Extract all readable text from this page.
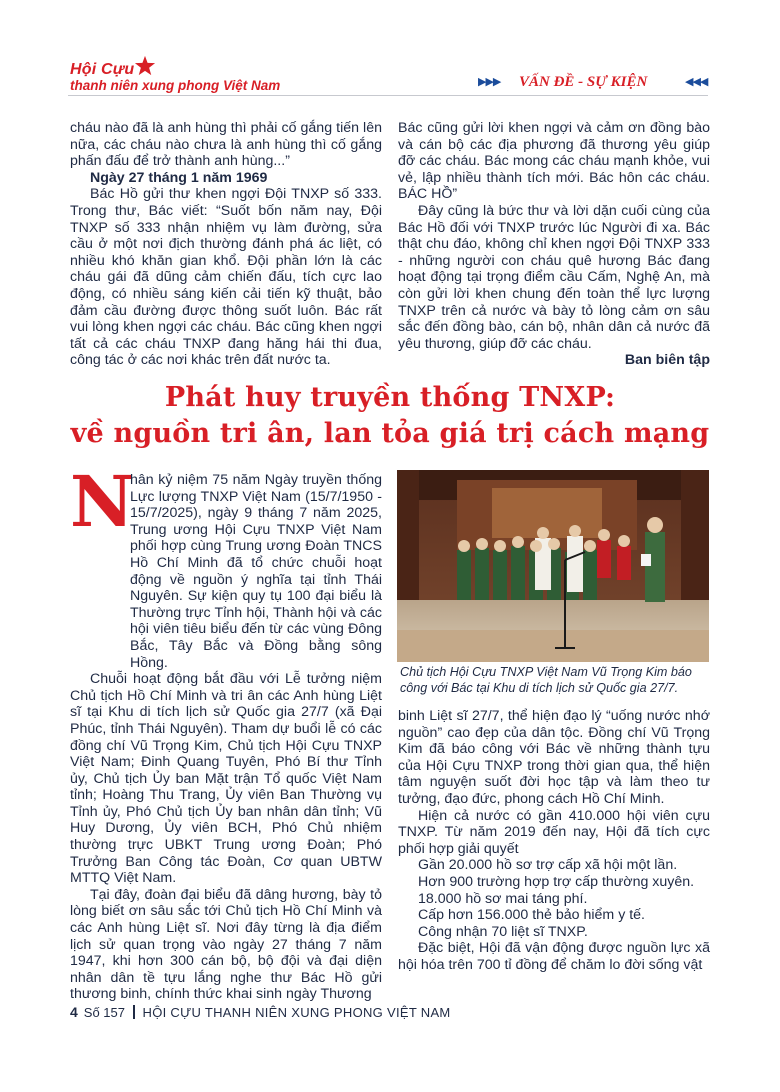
Hội Cựu
thanh niên xung phong Việt Nam	▶▶▶ VẤN ĐỀ - SỰ KIỆN	◀◀◀

cháu nào đã là anh hùng thì phải cố gắng tiến lên nữa, các cháu nào chưa là anh hùng thì cố gắng phấn đấu để trở thành anh hùng...”

Ngày 27 tháng 1 năm 1969

Bác Hồ gửi thư khen ngợi Đội TNXP số 333. Trong thư, Bác viết: “Suốt bốn năm nay, Đội TNXP số 333 nhận nhiệm vụ làm đường, sửa cầu ở một nơi địch thường đánh phá ác liệt, có nhiều khó khăn gian khổ. Đội phần lớn là các cháu gái đã dũng cảm chiến đấu, tích cực lao động, có nhiều sáng kiến cải tiến kỹ thuật, bảo đảm cầu đường được thông suốt luôn. Bác rất vui lòng khen ngợi các cháu. Bác cũng khen ngợi tất cả các cháu TNXP đang hăng hái thi đua, công tác ở các nơi khác trên đất nước ta.

Bác cũng gửi lời khen ngợi và cảm ơn đồng bào và cán bộ các địa phương đã thương yêu giúp đỡ các cháu. Bác mong các cháu mạnh khỏe, vui vẻ, lập nhiều thành tích mới. Bác hôn các cháu. BÁC HỒ”

Đây cũng là bức thư và lời dặn cuối cùng của Bác Hồ đối với TNXP trước lúc Người đi xa. Bác thật chu đáo, không chỉ khen ngợi Đội TNXP 333 - những người con cháu quê hương Bác đang hoạt động tại trọng điểm cầu Cấm, Nghệ An, mà còn gửi lời khen chung đến toàn thể lực lượng TNXP trên cả nước và bày tỏ lòng cảm ơn sâu sắc đến đồng bào, cán bộ, nhân dân cả nước đã yêu thương, giúp đỡ các cháu.

Ban biên tập

Phát huy truyền thống TNXP:
về nguồn tri ân, lan tỏa giá trị cách mạng
N

hân kỷ niệm 75 năm Ngày truyền thống Lực lượng TNXP Việt Nam (15/7/1950 - 15/7/2025), ngày 9 tháng 7 năm 2025, Trung ương Hội Cựu TNXP Việt Nam phối hợp cùng Trung ương Đoàn TNCS Hồ Chí Minh đã tổ chức chuỗi hoạt động về nguồn ý nghĩa tại tỉnh Thái Nguyên. Sự kiện quy tụ 100 đại biểu là Thường trực Tỉnh hội, Thành hội và các hội viên tiêu biểu đến từ các vùng Đông Bắc, Tây Bắc và Đồng bằng sông Hồng.

Chuỗi hoạt động bắt đầu với Lễ tưởng niệm Chủ tịch Hồ Chí Minh và tri ân các Anh hùng Liệt sĩ tại Khu di tích lịch sử Quốc gia 27/7 (xã Đại Phúc, tỉnh Thái Nguyên). Tham dự buổi lễ có các đồng chí Vũ Trọng Kim, Chủ tịch Hội Cựu TNXP Việt Nam; Đinh Quang Tuyên, Phó Bí thư Tỉnh ủy, Chủ tịch Ủy ban Mặt trận Tổ quốc Việt Nam tỉnh; Hoàng Thu Trang, Ủy viên Ban Thường vụ Tỉnh ủy, Phó Chủ tịch Ủy ban nhân dân tỉnh; Vũ Huy Dương, Ủy viên BCH, Phó Chủ nhiệm thường trực UBKT Trung ương Đoàn; Phó Trưởng Ban Công tác Đoàn, Cơ quan UBTW MTTQ Việt Nam.

Tại đây, đoàn đại biểu đã dâng hương, bày tỏ lòng biết ơn sâu sắc tới Chủ tịch Hồ Chí Minh và các Anh hùng Liệt sĩ. Nơi đây từng là địa điểm lịch sử quan trọng vào ngày 27 tháng 7 năm 1947, khi hơn 300 cán bộ, bộ đội và đại diện nhân dân tề tựu lắng nghe thư Bác Hồ gửi thương binh, chính thức khai sinh ngày Thương

Chủ tịch Hội Cựu TNXP Việt Nam Vũ Trọng Kim báo công với Bác tại Khu di tích lịch sử Quốc gia 27/7.

binh Liệt sĩ 27/7, thể hiện đạo lý “uống nước nhớ nguồn” cao đẹp của dân tộc. Đồng chí Vũ Trọng Kim đã báo công với Bác về những thành tựu của Hội Cựu TNXP trong thời gian qua, thể hiện tâm nguyện suốt đời học tập và làm theo tư tưởng, đạo đức, phong cách Hồ Chí Minh.

Hiện cả nước có gần 410.000 hội viên cựu TNXP. Từ năm 2019 đến nay, Hội đã tích cực phối hợp giải quyết

Gần 20.000 hồ sơ trợ cấp xã hội một lần.

Hơn 900 trường hợp trợ cấp thường xuyên.

18.000 hồ sơ mai táng phí.

Cấp hơn 156.000 thẻ bảo hiểm y tế.

Công nhận 70 liệt sĩ TNXP.

Đặc biệt, Hội đã vận động được nguồn lực xã hội hóa trên 700 tỉ đồng để chăm lo đời sống vật

4 Số 157 HỘI CỰU THANH NIÊN XUNG PHONG VIỆT NAM
